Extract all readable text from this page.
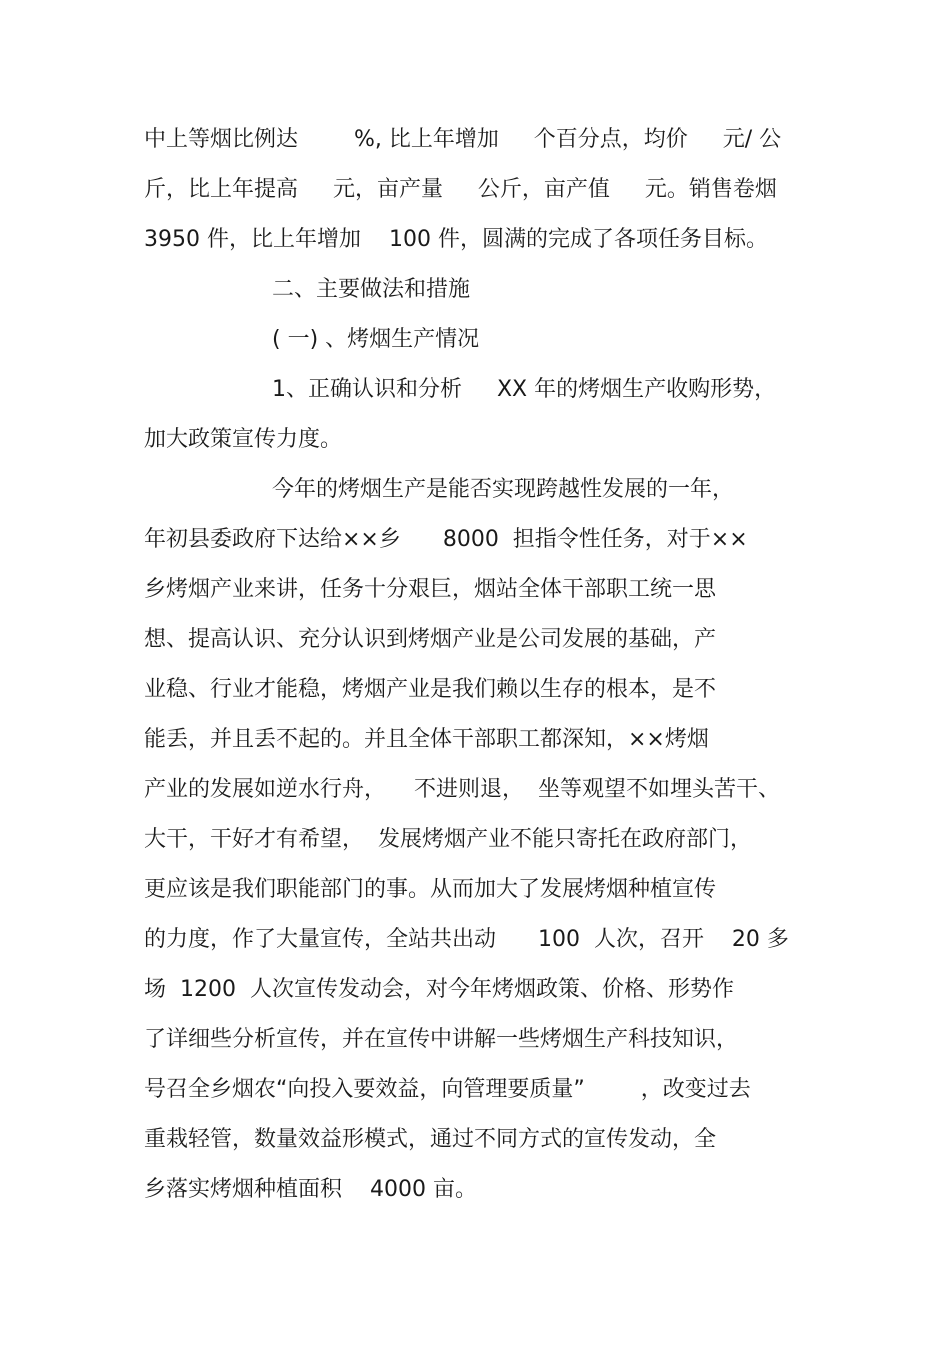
中上等烟比例达        %, 比上年增加     个百分点，均价     元/ 公
斤，比上年提高     元，亩产量     公斤，亩产值     元。销售卷烟
3950 件，比上年增加    100 件，圆满的完成了各项任务目标。
二、主要做法和措施
( 一) 、烤烟生产情况
1、正确认识和分析     XX 年的烤烟生产收购形势，
加大政策宣传力度。
今年的烤烟生产是能否实现跨越性发展的一年，
年初县委政府下达给××乡      8000  担指令性任务，对于××
乡烤烟产业来讲，任务十分艰巨，烟站全体干部职工统一思
想、提高认识、充分认识到烤烟产业是公司发展的基础，产
业稳、行业才能稳，烤烟产业是我们赖以生存的根本，是不
能丢，并且丢不起的。并且全体干部职工都深知，××烤烟
产业的发展如逆水行舟，    不进则退，  坐等观望不如埋头苦干、
大干，干好才有希望，  发展烤烟产业不能只寄托在政府部门，
更应该是我们职能部门的事。从而加大了发展烤烟种植宣传
的力度，作了大量宣传，全站共出动      100  人次，召开    20 多
场  1200  人次宣传发动会，对今年烤烟政策、价格、形势作
了详细些分析宣传，并在宣传中讲解一些烤烟生产科技知识，
号召全乡烟农“向投入要效益，向管理要质量”        ，改变过去
重栽轻管，数量效益形模式，通过不同方式的宣传发动，全
乡落实烤烟种植面积    4000 亩。
